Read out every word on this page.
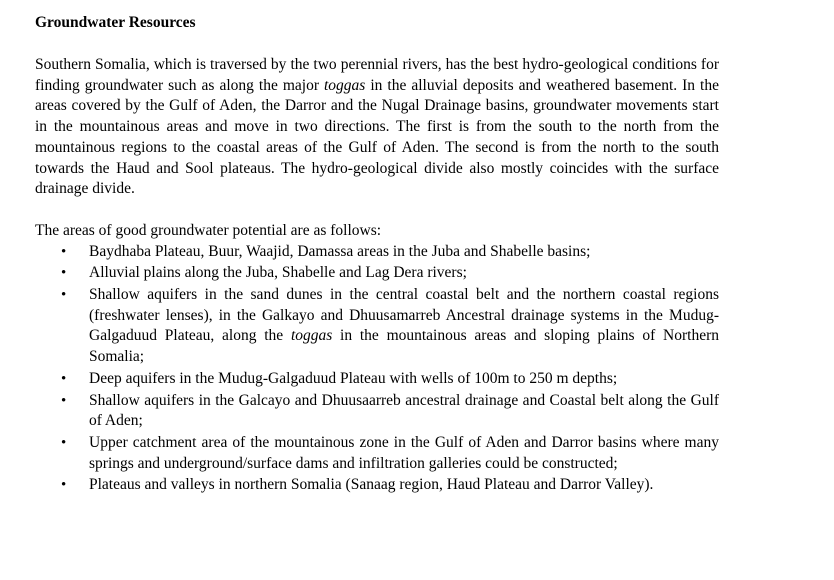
Groundwater Resources

Southern Somalia, which is traversed by the two perennial rivers, has the best hydro-geological conditions for finding groundwater such as along the major toggas in the alluvial deposits and weathered basement. In the areas covered by the Gulf of Aden, the Darror and the Nugal Drainage basins, groundwater movements start in the mountainous areas and move in two directions. The first is from the south to the north from the mountainous regions to the coastal areas of the Gulf of Aden. The second is from the north to the south towards the Haud and Sool plateaus. The hydro-geological divide also mostly coincides with the surface drainage divide.

The areas of good groundwater potential are as follows:

• Baydhaba Plateau, Buur, Waajid, Damassa areas in the Juba and Shabelle basins;
• Alluvial plains along the Juba, Shabelle and Lag Dera rivers;
• Shallow aquifers in the sand dunes in the central coastal belt and the northern coastal regions (freshwater lenses), in the Galkayo and Dhuusamarreb Ancestral drainage systems in the Mudug-Galgaduud Plateau, along the toggas in the mountainous areas and sloping plains of Northern Somalia;
• Deep aquifers in the Mudug-Galgaduud Plateau with wells of 100m to 250 m depths;
• Shallow aquifers in the Galcayo and Dhuusaarreb ancestral drainage and Coastal belt along the Gulf of Aden;
• Upper catchment area of the mountainous zone in the Gulf of Aden and Darror basins where many springs and underground/surface dams and infiltration galleries could be constructed;
• Plateaus and valleys in northern Somalia (Sanaag region, Haud Plateau and Darror Valley).
